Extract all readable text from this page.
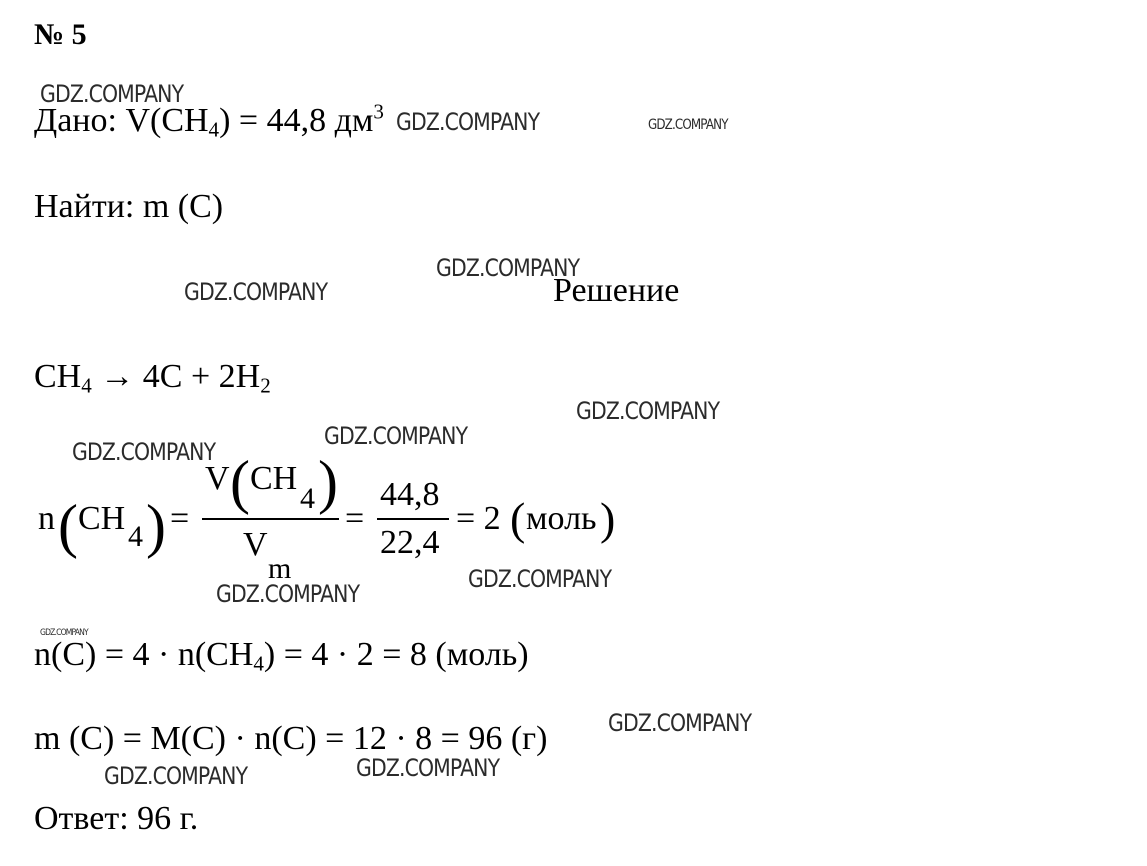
№ 5
Дано: $V(CH_4) = 44,8$ $дм^3$
Найти: m (C)
Решение
$CH_4 \to 4C + 2H_2$
n ( CH 4 ) =
V ( CH
4 )
V
m
=
44,8
22,4
= 2 ( моль )
$n(C) = 4 \cdot n(CH_4) = 4 \cdot 2 = 8$ (моль)
m (C) = M(C) · n(C) = 12 · 8 = 96 (г)
Ответ: 96 г.
GDZ.COMPANY
GDZ.COMPANY	GDZ.COMPANY
GDZ.COMPANY
GDZ.COMPANY
GDZ.COMPANY
GDZ.COMPANY
GDZ.COMPANY
GDZ.COMPANY
GDZ.COMPANY
GDZ.COMPANY
GDZ.COMPANY
GDZ.COMPANY
GDZ.COMPANY
